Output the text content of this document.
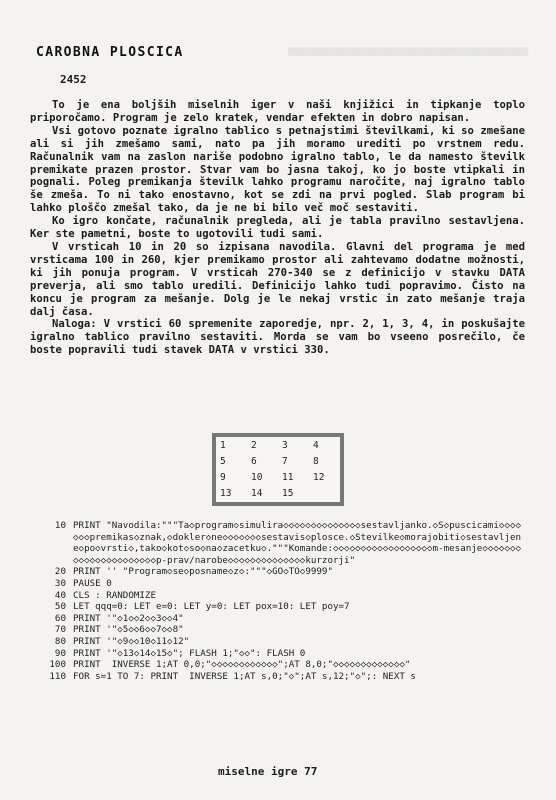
▒▒▒▒▒▒▒▒▒▒▒▒▒▒▒▒▒▒▒▒▒▒▒▒▒▒▒▒▒▒▒▒▒▒▒▒▒▒▒▒▒▒▒▒▒▒▒▒▒▒▒▒▒▒▒▒▒
CAROBNA PLOSCICA
2452

To je ena boljših miselnih iger v naši knjižici in tipkanje toplo priporočamo. Program je zelo kratek, vendar efekten in dobro napisan.

Vsi gotovo poznate igralno tablico s petnajstimi številkami, ki so zmešane ali si jih zmešamo sami, nato pa jih moramo urediti po vrstnem redu. Računalnik vam na zaslon nariše podobno igralno tablo, le da namesto številk premikate prazen prostor. Stvar vam bo jasna takoj, ko jo boste vtipkali in pognali. Poleg premikanja številk lahko programu naročite, naj igralno tablo še zmeša. To ni tako enostavno, kot se zdi na prvi pogled. Slab program bi lahko ploščo zmešal tako, da je ne bi bilo več moč sestaviti.

Ko igro končate, računalnik pregleda, ali je tabla pravilno sestavljena. Ker ste pametni, boste to ugotovili tudi sami.

V vrsticah 10 in 20 so izpisana navodila. Glavni del programa je med vrsticama 100 in 260, kjer premikamo prostor ali zahtevamo dodatne možnosti, ki jih ponuja program. V vrsticah 270-340 se z definicijo v stavku DATA preverja, ali smo tablo uredili. Definicijo lahko tudi popravimo. Čisto na koncu je program za mešanje. Dolg je le nekaj vrstic in zato mešanje traja dalj časa.

Naloga: V vrstici 60 spremenite zaporedje, npr. 2, 1, 3, 4, in poskušajte igralno tablico pravilno sestaviti. Morda se vam bo vseeno posrečilo, če boste popravili tudi stavek DATA v vrstici 330.

1	2	3	4
5	6	7	8
9	10	11	12
13	14	15
10 PRINT "Navodila:"""Ta◇program◇simulira◇◇◇◇◇◇◇◇◇◇◇◇◇◇sestavljanko.◇S◇puscicami◇◇◇◇◇◇◇premikas◇znak,◇dokler◇ne◇◇◇◇◇◇◇sestavis◇plosce.◇Stevilke◇morajobiti◇sestavljene◇po◇vrsti◇,tako◇kot◇so◇na◇zacetku◇."""Komande:◇◇◇◇◇◇◇◇◇◇◇◇◇◇◇◇◇◇m-mesanje◇◇◇◇◇◇◇◇◇◇◇◇◇◇◇◇◇◇◇◇◇◇p-prav/narobe◇◇◇◇◇◇◇◇◇◇◇◇◇◇kurzorji"
20 PRINT '' "Program◇se◇posname◇z◇:"""◇GO◇TO◇9999"
30 PAUSE 0
40 CLS : RANDOMIZE
50 LET qqq=0: LET e=0: LET y=0: LET pox=10: LET poy=7
60 PRINT '"◇1◇◇2◇◇3◇◇4"
70 PRINT '"◇5◇◇6◇◇7◇◇8"
80 PRINT '"◇9◇◇10◇11◇12"
90 PRINT '"◇13◇14◇15◇"; FLASH 1;"◇◇": FLASH 0
100 PRINT  INVERSE 1;AT 0,0;"◇◇◇◇◇◇◇◇◇◇◇◇";AT 8,0;"◇◇◇◇◇◇◇◇◇◇◇◇◇"
110 FOR s=1 TO 7: PRINT  INVERSE 1;AT s,0;"◇";AT s,12;"◇";: NEXT s
miselne igre 77
